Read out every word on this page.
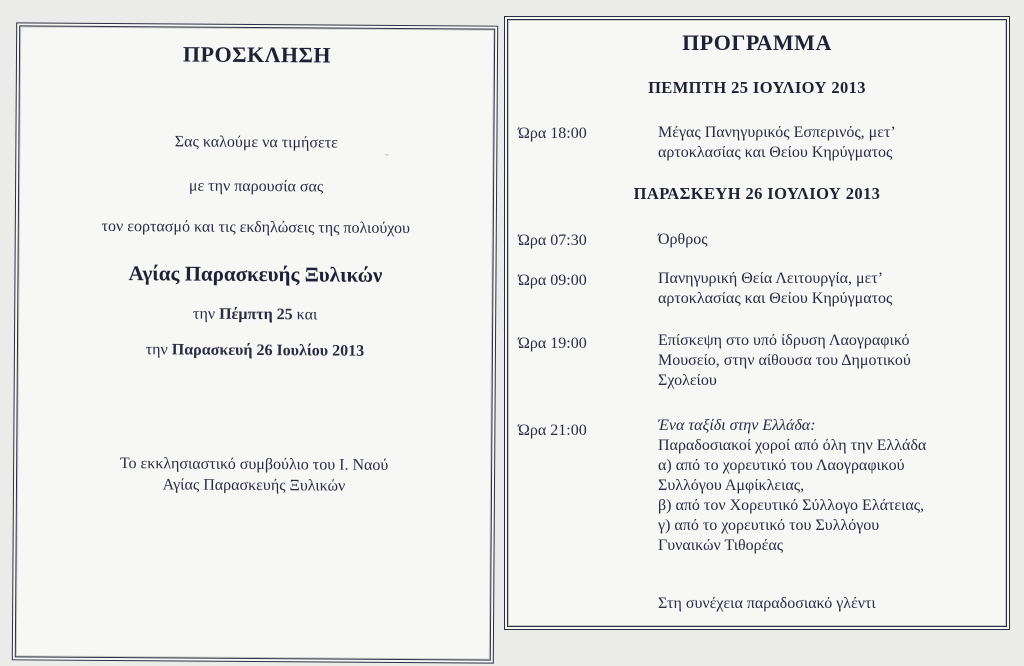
ΠΡΟΣΚΛΗΣΗ
˘
Σας καλούμε να τιμήσετε
με την παρουσία σας
τον εορτασμό και τις εκδηλώσεις της πολιούχου
Αγίας Παρασκευής Ξυλικών
την Πέμπτη 25 και
την Παρασκευή 26 Ιουλίου 2013
Το εκκλησιαστικό συμβούλιο του Ι. Ναού
Αγίας Παρασκευής Ξυλικών
ΠΡΟΓΡΑΜΜΑ
ΠΕΜΠΤΗ 25 ΙΟΥΛΙΟΥ 2013
Ώρα 18:00	Μέγας Πανηγυρικός Εσπερινός, μετ’
αρτοκλασίας και Θείου Κηρύγματος
ΠΑΡΑΣΚΕΥΗ 26 ΙΟΥΛΙΟΥ 2013
Ώρα 07:30	Όρθρος
Ώρα 09:00	Πανηγυρική Θεία Λειτουργία, μετ’
αρτοκλασίας και Θείου Κηρύγματος
Ώρα 19:00	Επίσκεψη στο υπό ίδρυση Λαογραφικό
Μουσείο, στην αίθουσα του Δημοτικού
Σχολείου
Ώρα 21:00	Ένα ταξίδι στην Ελλάδα:
Παραδοσιακοί χοροί από όλη την Ελλάδα
α) από το χορευτικό του Λαογραφικού
Συλλόγου Αμφίκλειας,
β) από τον Χορευτικό Σύλλογο Ελάτειας,
γ) από το χορευτικό του Συλλόγου
Γυναικών Τιθορέας
Στη συνέχεια παραδοσιακό γλέντι
